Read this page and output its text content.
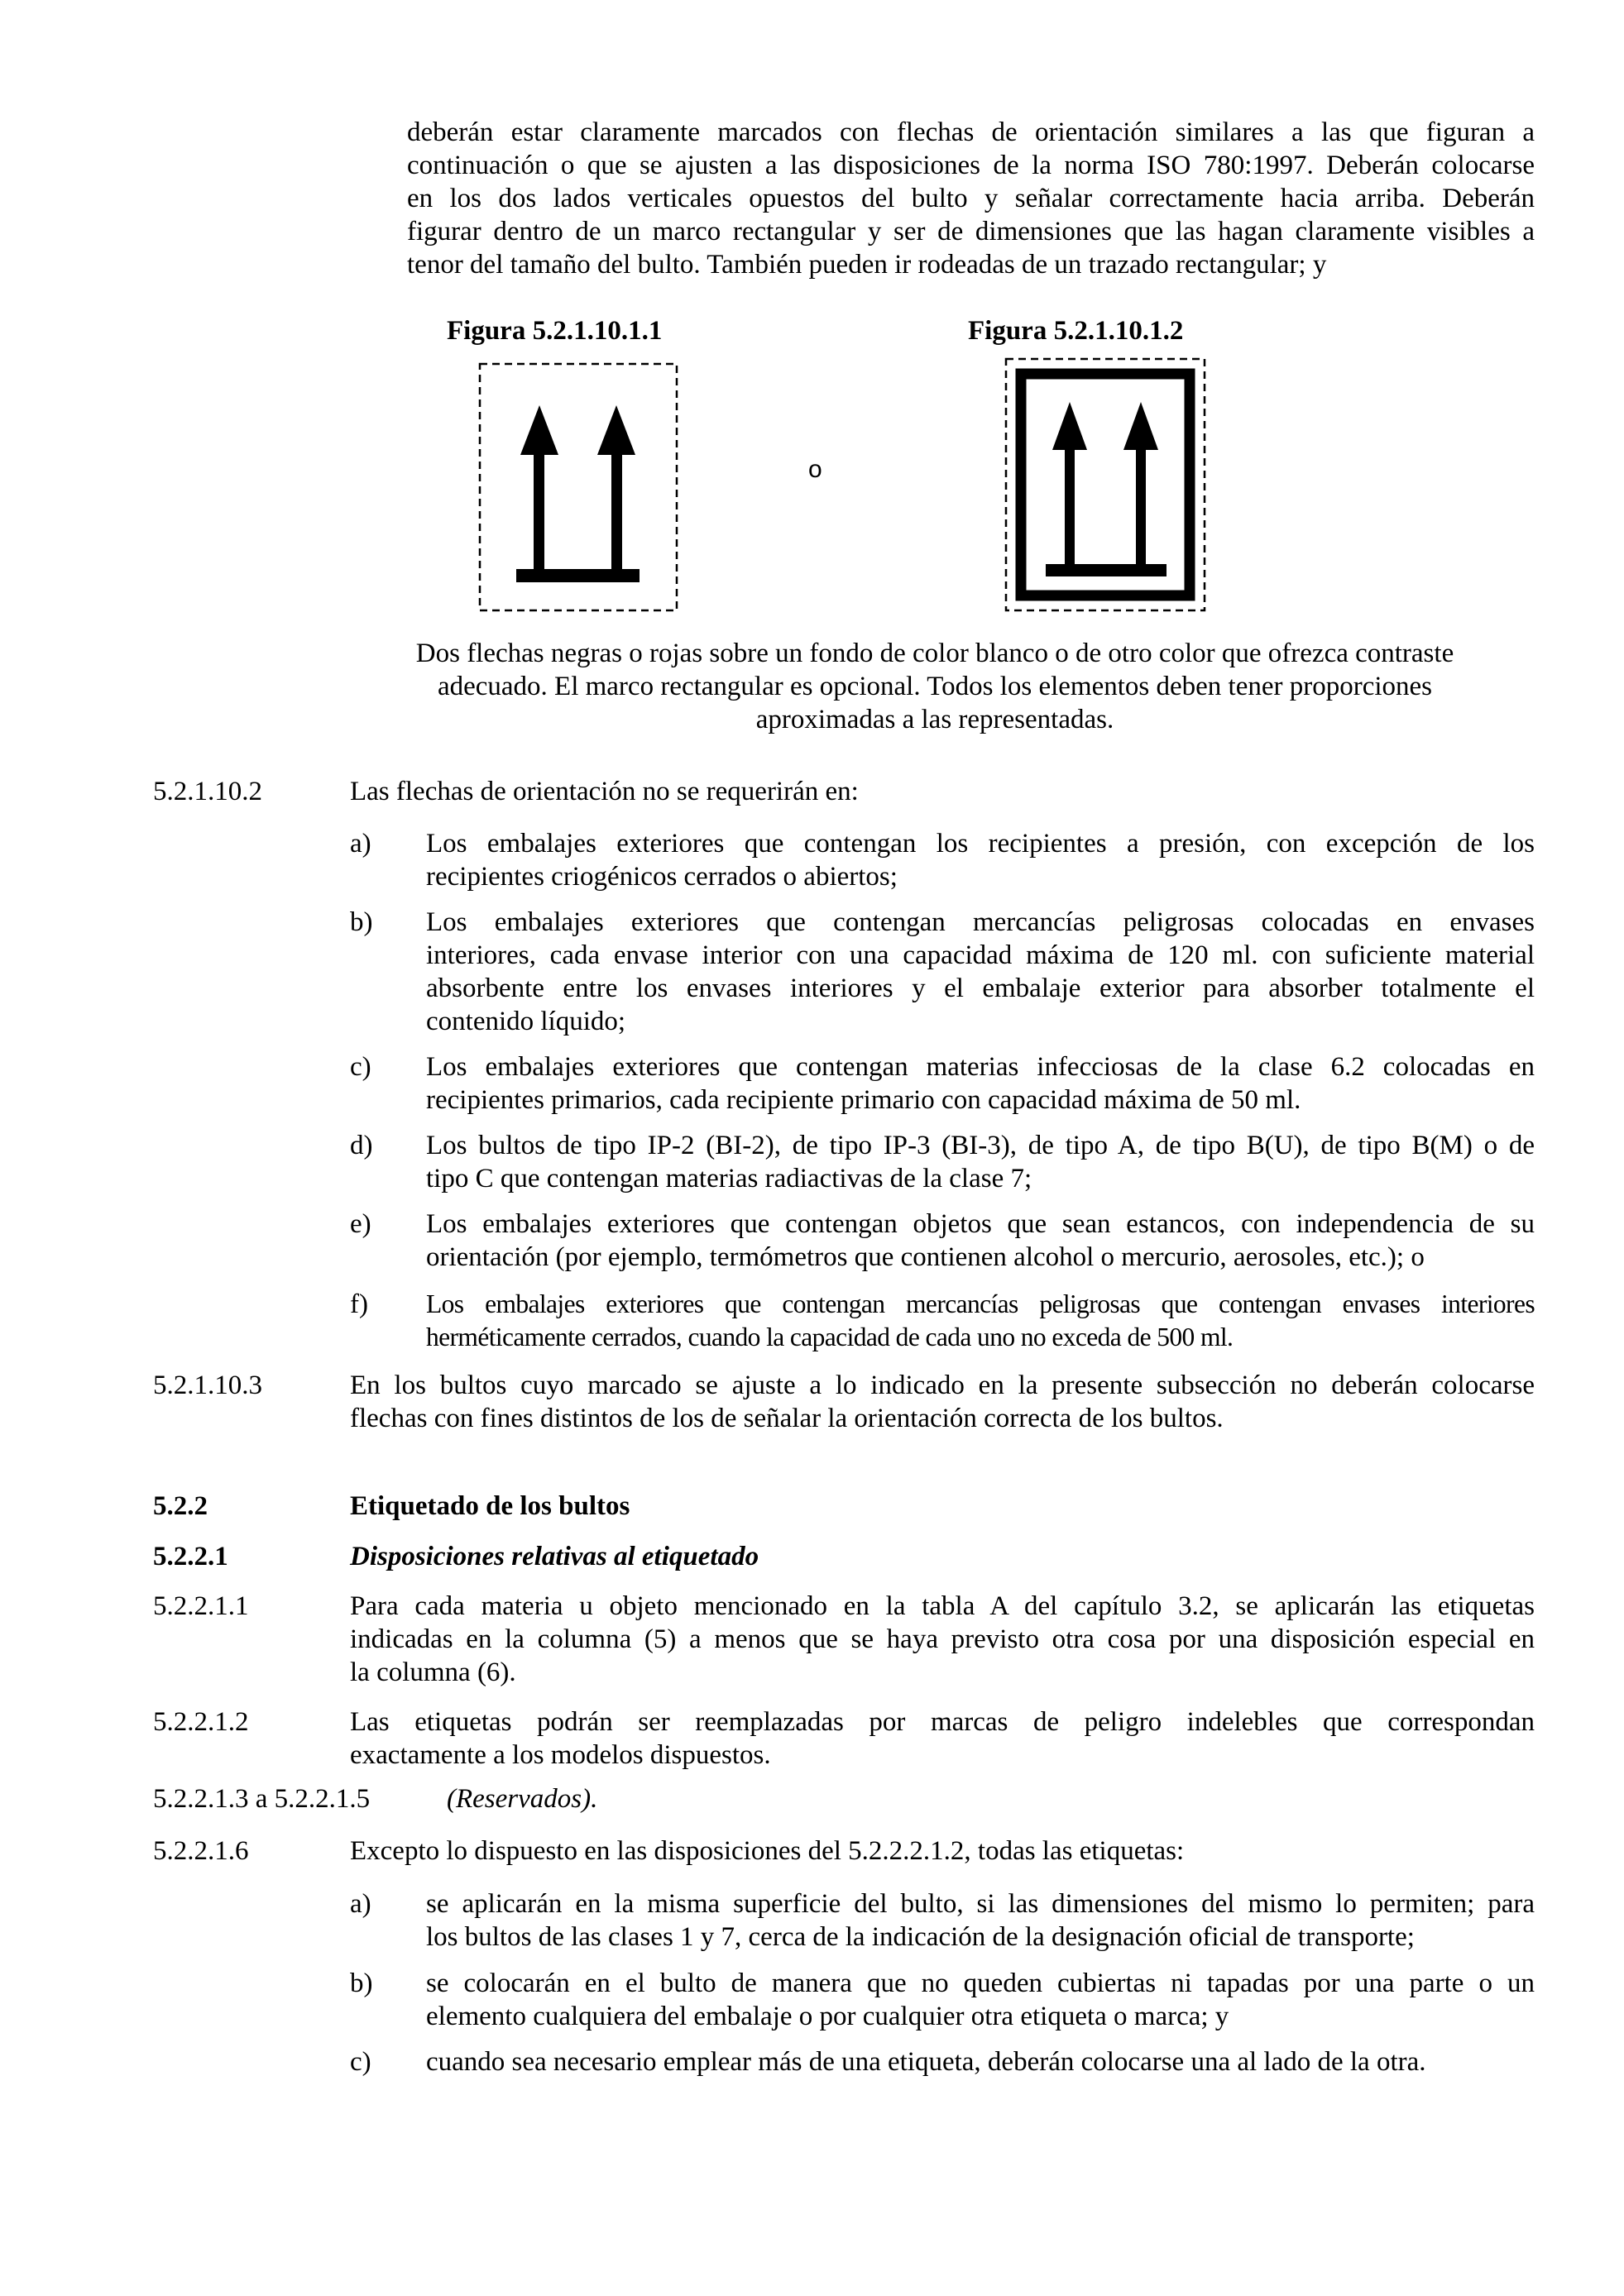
deberán estar claramente marcados con flechas de orientación similares a las que figuran a
continuación o que se ajusten a las disposiciones de la norma ISO 780:1997. Deberán colocarse
en los dos lados verticales opuestos del bulto y señalar correctamente hacia arriba. Deberán
figurar dentro de un marco rectangular y ser de dimensiones que las hagan claramente visibles a
tenor del tamaño del bulto. También pueden ir rodeadas de un trazado rectangular; y
Figura 5.2.1.10.1.1	Figura 5.2.1.10.1.2
o
Dos flechas negras o rojas sobre un fondo de color blanco o de otro color que ofrezca contraste
adecuado. El marco rectangular es opcional. Todos los elementos deben tener proporciones
aproximadas a las representadas.
5.2.1.10.2	Las flechas de orientación no se requerirán en:
a) Los embalajes exteriores que contengan los recipientes a presión, con excepción de los
recipientes criogénicos cerrados o abiertos;
b) Los embalajes exteriores que contengan mercancías peligrosas colocadas en envases
interiores, cada envase interior con una capacidad máxima de 120 ml. con suficiente material
absorbente entre los envases interiores y el embalaje exterior para absorber totalmente el
contenido líquido;
c) Los embalajes exteriores que contengan materias infecciosas de la clase 6.2 colocadas en
recipientes primarios, cada recipiente primario con capacidad máxima de 50 ml.
d) Los bultos de tipo IP-2 (BI-2), de tipo IP-3 (BI-3), de tipo A, de tipo B(U), de tipo B(M) o de
tipo C que contengan materias radiactivas de la clase 7;
e) Los embalajes exteriores que contengan objetos que sean estancos, con independencia de su
orientación (por ejemplo, termómetros que contienen alcohol o mercurio, aerosoles, etc.); o
f) Los embalajes exteriores que contengan mercancías peligrosas que contengan envases interiores
herméticamente cerrados, cuando la capacidad de cada uno no exceda de 500 ml.
5.2.1.10.3	En los bultos cuyo marcado se ajuste a lo indicado en la presente subsección no deberán colocarse
flechas con fines distintos de los de señalar la orientación correcta de los bultos.
5.2.2	Etiquetado de los bultos
5.2.2.1	Disposiciones relativas al etiquetado
5.2.2.1.1	Para cada materia u objeto mencionado en la tabla A del capítulo 3.2, se aplicarán las etiquetas
indicadas en la columna (5) a menos que se haya previsto otra cosa por una disposición especial en
la columna (6).
5.2.2.1.2	Las etiquetas podrán ser reemplazadas por marcas de peligro indelebles que correspondan
exactamente a los modelos dispuestos.
5.2.2.1.3 a 5.2.2.1.5	(Reservados).
5.2.2.1.6	Excepto lo dispuesto en las disposiciones del 5.2.2.2.1.2, todas las etiquetas:
a) se aplicarán en la misma superficie del bulto, si las dimensiones del mismo lo permiten; para
los bultos de las clases 1 y 7, cerca de la indicación de la designación oficial de transporte;
b) se colocarán en el bulto de manera que no queden cubiertas ni tapadas por una parte o un
elemento cualquiera del embalaje o por cualquier otra etiqueta o marca; y
c) cuando sea necesario emplear más de una etiqueta, deberán colocarse una al lado de la otra.
